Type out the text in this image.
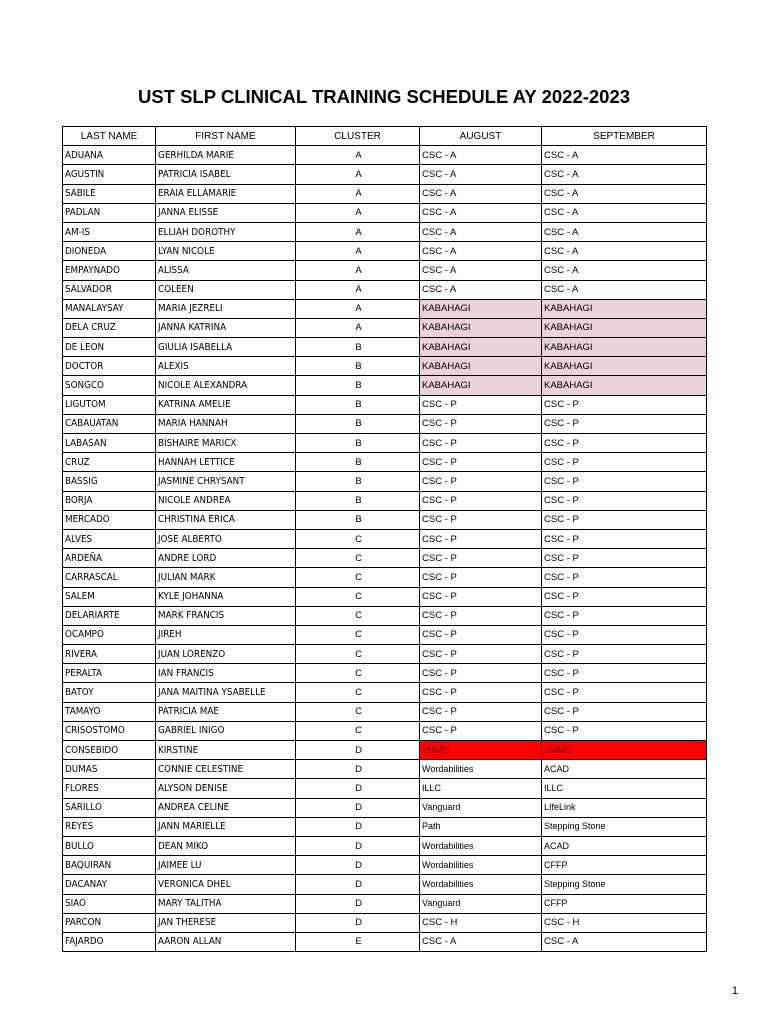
UST SLP CLINICAL TRAINING SCHEDULE AY 2022-2023
LAST NAME	FIRST NAME	CLUSTER	AUGUST	SEPTEMBER
ADUANA	GERHILDA MARIE	A	CSC - A	CSC - A
AGUSTIN	PATRICIA ISABEL	A	CSC - A	CSC - A
SABILE	ERAIA ELLAMARIE	A	CSC - A	CSC - A
PADLAN	JANNA ELISSE	A	CSC - A	CSC - A
AM-IS	ELLIAH DOROTHY	A	CSC - A	CSC - A
DIONEDA	LYAN NICOLE	A	CSC - A	CSC - A
EMPAYNADO	ALISSA	A	CSC - A	CSC - A
SALVADOR	COLEEN	A	CSC - A	CSC - A
MANALAYSAY	MARIA JEZRELI	A	KABAHAGI	KABAHAGI
DELA CRUZ	JANNA KATRINA	A	KABAHAGI	KABAHAGI
DE LEON	GIULIA ISABELLA	B	KABAHAGI	KABAHAGI
DOCTOR	ALEXIS	B	KABAHAGI	KABAHAGI
SONGCO	NICOLE ALEXANDRA	B	KABAHAGI	KABAHAGI
LIGUTOM	KATRINA AMELIE	B	CSC - P	CSC - P
CABAUATAN	MARIA HANNAH	B	CSC - P	CSC - P
LABASAN	BISHAIRE MARICX	B	CSC - P	CSC - P
CRUZ	HANNAH LETTICE	B	CSC - P	CSC - P
BASSIG	JASMINE CHRYSANT	B	CSC - P	CSC - P
BORJA	NICOLE ANDREA	B	CSC - P	CSC - P
MERCADO	CHRISTINA ERICA	B	CSC - P	CSC - P
ALVES	JOSE ALBERTO	C	CSC - P	CSC - P
ARDEÑA	ANDRE LORD	C	CSC - P	CSC - P
CARRASCAL	JULIAN MARK	C	CSC - P	CSC - P
SALEM	KYLE JOHANNA	C	CSC - P	CSC - P
DELARIARTE	MARK FRANCIS	C	CSC - P	CSC - P
OCAMPO	JIREH	C	CSC - P	CSC - P
RIVERA	JUAN LORENZO	C	CSC - P	CSC - P
PERALTA	IAN FRANCIS	C	CSC - P	CSC - P
BATOY	JANA MAITINA YSABELLE	C	CSC - P	CSC - P
TAMAYO	PATRICIA MAE	C	CSC - P	CSC - P
CRISOSTOMO	GABRIEL INIGO	C	CSC - P	CSC - P
CONSEBIDO	KIRSTINE	D	VMMC	VMMC
DUMAS	CONNIE CELESTINE	D	Wordabilities	ACAD
FLORES	ALYSON DENISE	D	ILLC	ILLC
SARILLO	ANDREA CELINE	D	Vanguard	LIfeLink
REYES	JANN MARIELLE	D	Path	Stepping Stone
BULLO	DEAN MIKO	D	Wordabilities	ACAD
BAQUIRAN	JAIMEE LU	D	Wordabilities	CFFP
DACANAY	VERONICA DHEL	D	Wordabilities	Stepping Stone
SIAO	MARY TALITHA	D	Vanguard	CFFP
PARCON	JAN THERESE	D	CSC - H	CSC - H
FAJARDO	AARON ALLAN	E	CSC - A	CSC - A
1
